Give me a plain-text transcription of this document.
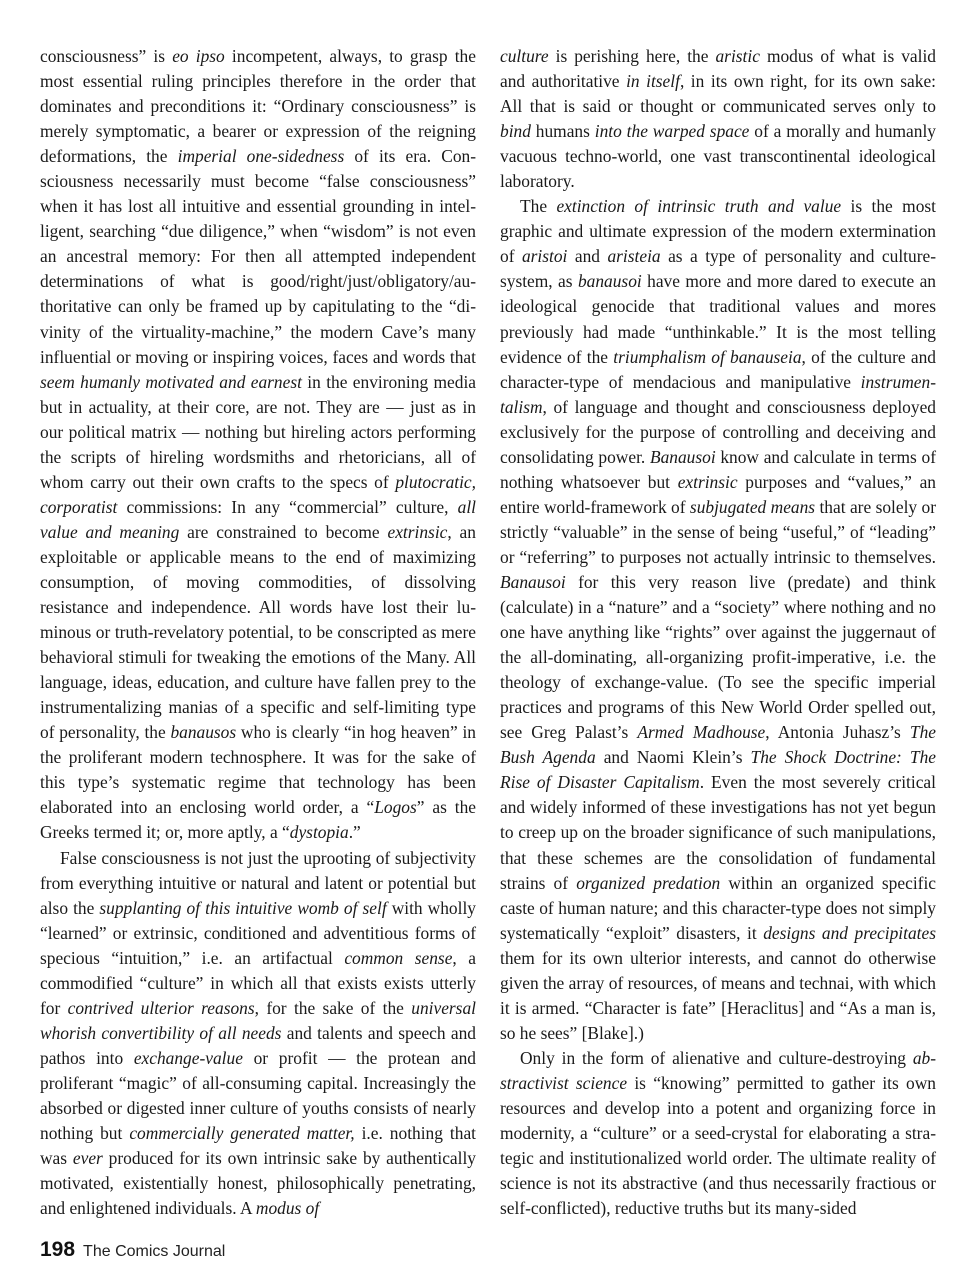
consciousness” is eo ipso incompetent, always, to grasp the most essential ruling principles therefore in the order that dominates and preconditions it: “Ordinary consciousness” is merely symptomatic, a bearer or expression of the reigning deformations, the imperial one-sidedness of its era. Consciousness necessarily must become “false consciousness” when it has lost all intuitive and essential grounding in intelligent, searching “due diligence,” when “wisdom” is not even an ancestral memory: For then all attempted independent determinations of what is good/right/just/obligatory/authoritative can only be framed up by capitulating to the “divinity of the virtuality-machine,” the modern Cave’s many influential or moving or inspiring voices, faces and words that seem humanly motivated and earnest in the environing media but in actuality, at their core, are not. They are — just as in our political matrix — nothing but hireling actors performing the scripts of hireling wordsmiths and rhetoricians, all of whom carry out their own crafts to the specs of plutocratic, corporatist commissions: In any “commercial” culture, all value and meaning are constrained to become extrinsic, an exploitable or applicable means to the end of maximizing consumption, of moving commodities, of dissolving resistance and independence. All words have lost their luminous or truth-revelatory potential, to be conscripted as mere behavioral stimuli for tweaking the emotions of the Many. All language, ideas, education, and culture have fallen prey to the instrumentalizing manias of a specific and self-limiting type of personality, the banausos who is clearly “in hog heaven” in the proliferant modern technosphere. It was for the sake of this type’s systematic regime that technology has been elaborated into an enclosing world order, a “Logos” as the Greeks termed it; or, more aptly, a “dystopia.”

False consciousness is not just the uprooting of subjectivity from everything intuitive or natural and latent or potential but also the supplanting of this intuitive womb of self with wholly “learned” or extrinsic, conditioned and adventitious forms of specious “intuition,” i.e. an artifactual common sense, a commodified “culture” in which all that exists exists utterly for contrived ulterior reasons, for the sake of the universal whorish convertibility of all needs and talents and speech and pathos into exchange-value or profit — the protean and proliferant “magic” of all-consuming capital. Increasingly the absorbed or digested inner culture of youths consists of nearly nothing but commercially generated matter, i.e. nothing that was ever produced for its own intrinsic sake by authentically motivated, existentially honest, philosophically penetrating, and enlightened individuals. A modus of

culture is perishing here, the aristic modus of what is valid and authoritative in itself, in its own right, for its own sake: All that is said or thought or communicated serves only to bind humans into the warped space of a morally and humanly vacuous techno-world, one vast transcontinental ideological laboratory.

The extinction of intrinsic truth and value is the most graphic and ultimate expression of the modern extermination of aristoi and aristeia as a type of personality and culture-system, as banausoi have more and more dared to execute an ideological genocide that traditional values and mores previously had made “unthinkable.” It is the most telling evidence of the triumphalism of banauseia, of the culture and character-type of mendacious and manipulative instrumentalism, of language and thought and consciousness deployed exclusively for the purpose of controlling and deceiving and consolidating power. Banausoi know and calculate in terms of nothing whatsoever but extrinsic purposes and “values,” an entire world-framework of subjugated means that are solely or strictly “valuable” in the sense of being “useful,” of “leading” or “referring” to purposes not actually intrinsic to themselves. Banausoi for this very reason live (predate) and think (calculate) in a “nature” and a “society” where nothing and no one have anything like “rights” over against the juggernaut of the all-dominating, all-organizing profit-imperative, i.e. the theology of exchange-value. (To see the specific imperial practices and programs of this New World Order spelled out, see Greg Palast’s Armed Madhouse, Antonia Juhasz’s The Bush Agenda and Naomi Klein’s The Shock Doctrine: The Rise of Disaster Capitalism. Even the most severely critical and widely informed of these investigations has not yet begun to creep up on the broader significance of such manipulations, that these schemes are the consolidation of fundamental strains of organized predation within an organized specific caste of human nature; and this character-type does not simply systematically “exploit” disasters, it designs and precipitates them for its own ulterior interests, and cannot do otherwise given the array of resources, of means and technai, with which it is armed. “Character is fate” [Heraclitus] and “As a man is, so he sees” [Blake].)

Only in the form of alienative and culture-destroying abstractivist science is “knowing” permitted to gather its own resources and develop into a potent and organizing force in modernity, a “culture” or a seed-crystal for elaborating a strategic and institutionalized world order. The ultimate reality of science is not its abstractive (and thus necessarily fractious or self-conflicted), reductive truths but its many-sided

198 The Comics Journal
